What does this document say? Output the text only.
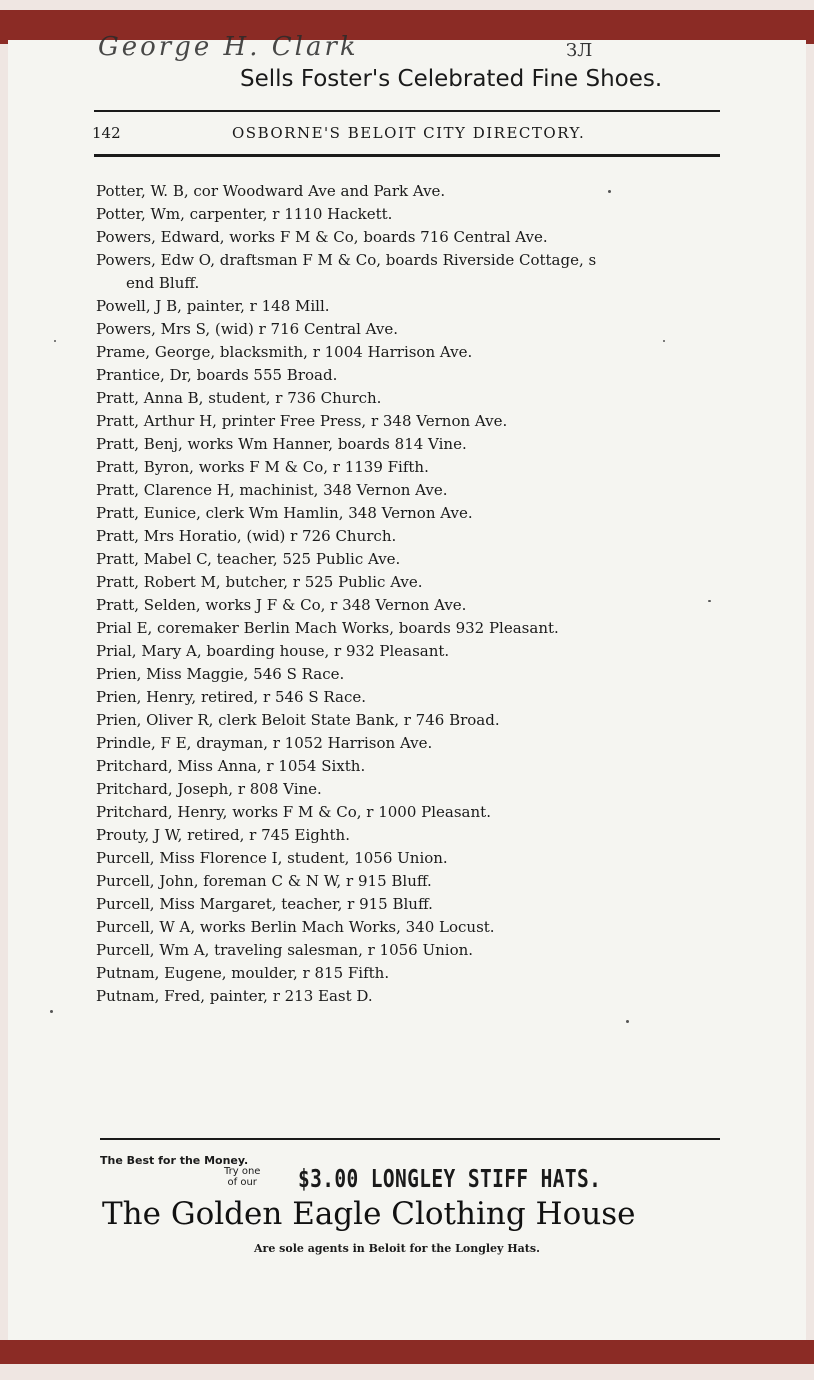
George H. Clark	ЗЛ
Sells Foster's Celebrated Fine Shoes.
142	OSBORNE'S BELOIT CITY DIRECTORY.

Potter, W. B, cor Woodward Ave and Park Ave.

Potter, Wm, carpenter, r 1110 Hackett.

Powers, Edward, works F M & Co, boards 716 Central Ave.

Powers, Edw O, draftsman F M & Co, boards Riverside Cottage, s
end Bluff.

Powell, J B, painter, r 148 Mill.

Powers, Mrs S, (wid) r 716 Central Ave.

Prame, George, blacksmith, r 1004 Harrison Ave.

Prantice, Dr, boards 555 Broad.

Pratt, Anna B, student, r 736 Church.

Pratt, Arthur H, printer Free Press, r 348 Vernon Ave.

Pratt, Benj, works Wm Hanner, boards 814 Vine.

Pratt, Byron, works F M & Co, r 1139 Fifth.

Pratt, Clarence H, machinist, 348 Vernon Ave.

Pratt, Eunice, clerk Wm Hamlin, 348 Vernon Ave.

Pratt, Mrs Horatio, (wid) r 726 Church.

Pratt, Mabel C, teacher, 525 Public Ave.

Pratt, Robert M, butcher, r 525 Public Ave.

Pratt, Selden, works J F & Co, r 348 Vernon Ave.

Prial E, coremaker Berlin Mach Works, boards 932 Pleasant.

Prial, Mary A, boarding house, r 932 Pleasant.

Prien, Miss Maggie, 546 S Race.

Prien, Henry, retired, r 546 S Race.

Prien, Oliver R, clerk Beloit State Bank, r 746 Broad.

Prindle, F E, drayman, r 1052 Harrison Ave.

Pritchard, Miss Anna, r 1054 Sixth.

Pritchard, Joseph, r 808 Vine.

Pritchard, Henry, works F M & Co, r 1000 Pleasant.

Prouty, J W, retired, r 745 Eighth.

Purcell, Miss Florence I, student, 1056 Union.

Purcell, John, foreman C & N W, r 915 Bluff.

Purcell, Miss Margaret, teacher, r 915 Bluff.

Purcell, W A, works Berlin Mach Works, 340 Locust.

Purcell, Wm A, traveling salesman, r 1056 Union.

Putnam, Eugene, moulder, r 815 Fifth.

Putnam, Fred, painter, r 213 East D.

The Best for the Money.
Try one
of our $3.00 LONGLEY STIFF HATS.
The Golden Eagle Clothing House
Are sole agents in Beloit for the Longley Hats.
